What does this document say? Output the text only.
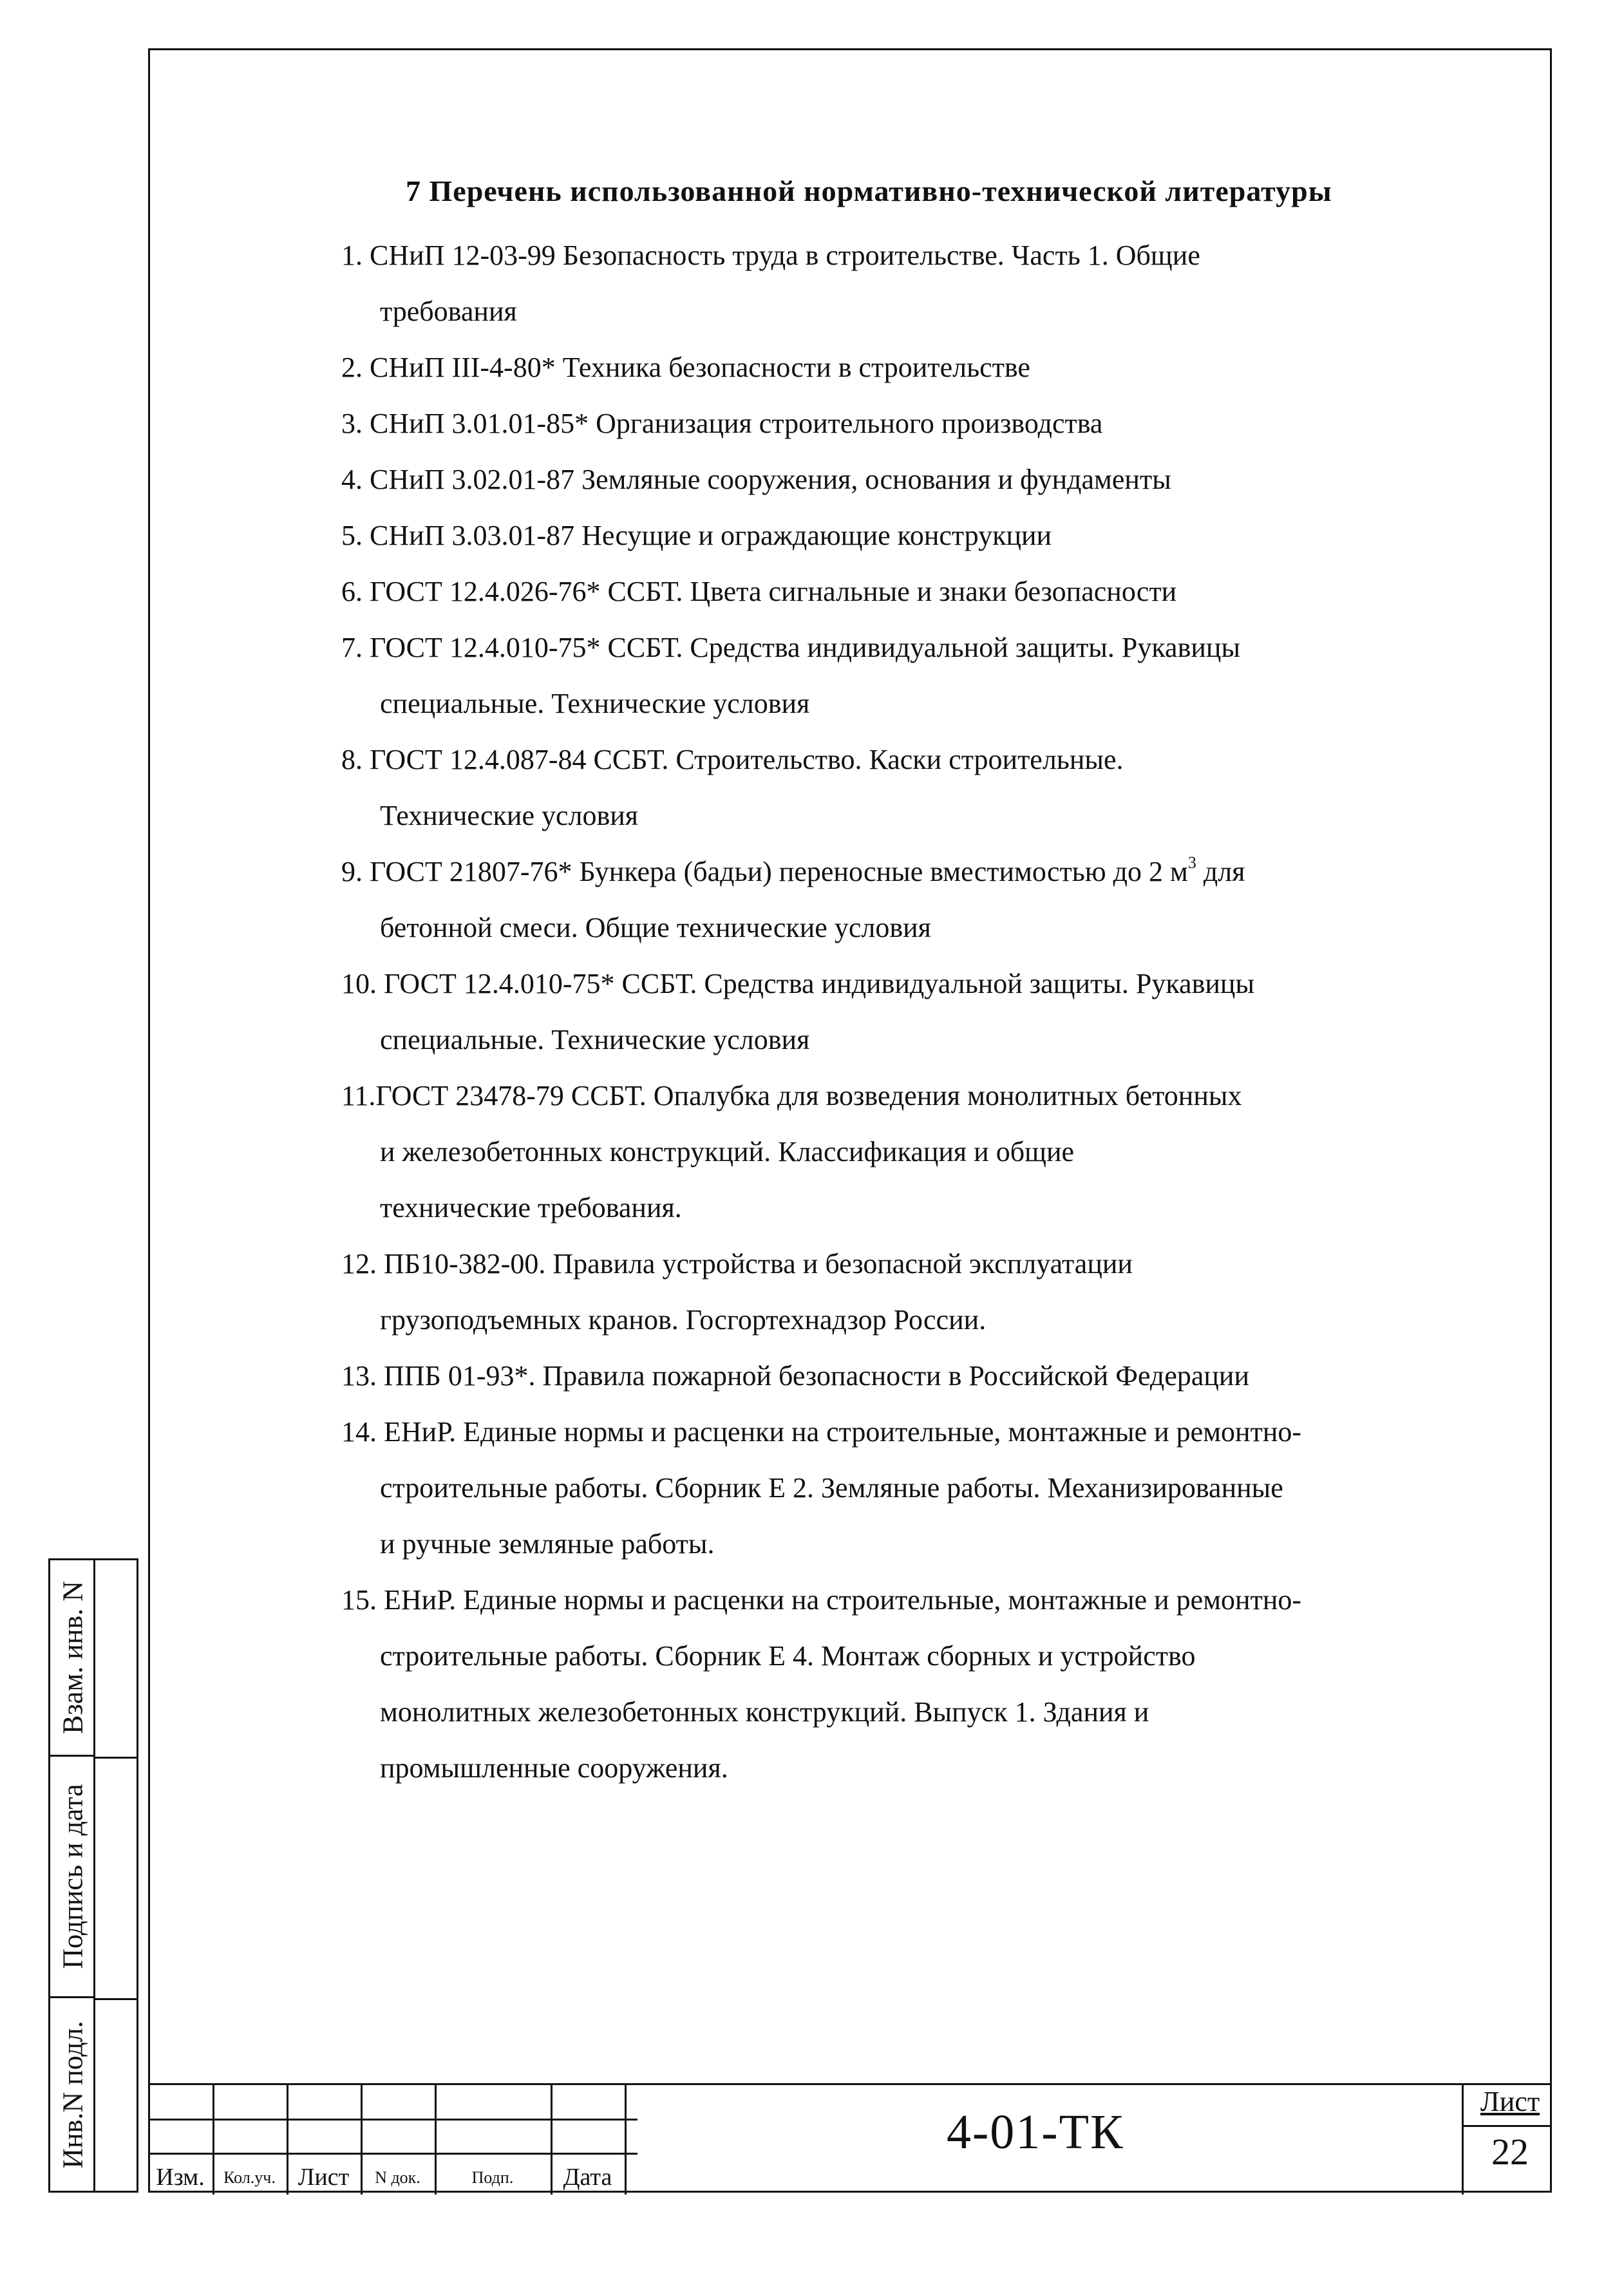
7 Перечень использованной нормативно-технической литературы
1. СНиП 12-03-99 Безопасность труда в строительстве. Часть 1. Общие
требования
2. СНиП III-4-80* Техника безопасности в строительстве
3. СНиП 3.01.01-85* Организация строительного производства
4. СНиП 3.02.01-87 Земляные сооружения, основания и фундаменты
5. СНиП 3.03.01-87 Несущие и ограждающие конструкции
6. ГОСТ 12.4.026-76* ССБТ. Цвета сигнальные и знаки безопасности
7. ГОСТ 12.4.010-75* ССБТ. Средства индивидуальной защиты. Рукавицы
специальные. Технические условия
8. ГОСТ 12.4.087-84 ССБТ. Строительство. Каски строительные.
Технические условия
9. ГОСТ 21807-76* Бункера (бадьи) переносные вместимостью до 2 $м^3$ для
бетонной смеси. Общие технические условия
10. ГОСТ 12.4.010-75* ССБТ. Средства индивидуальной защиты. Рукавицы
специальные. Технические условия
11.ГОСТ 23478-79 ССБТ. Опалубка для возведения монолитных бетонных
и железобетонных конструкций. Классификация и общие
технические требования.
12. ПБ10-382-00. Правила устройства и безопасной эксплуатации
грузоподъемных кранов. Госгортехнадзор России.
13. ППБ 01-93*. Правила пожарной безопасности в Российской Федерации
14. ЕНиР. Единые нормы и расценки на строительные, монтажные и ремонтно-
строительные работы. Сборник Е 2. Земляные работы. Механизированные
и ручные земляные работы.
15. ЕНиР. Единые нормы и расценки на строительные, монтажные и ремонтно-
строительные работы. Сборник Е 4. Монтаж сборных и устройство
монолитных железобетонных конструкций. Выпуск 1. Здания и
промышленные сооружения.
Взам. инв. N
Подпись и дата
Инв.N подл.
Изм.	Кол.уч. Лист	N док.	Подп.	Дата
4-01-ТК
Лист
22
